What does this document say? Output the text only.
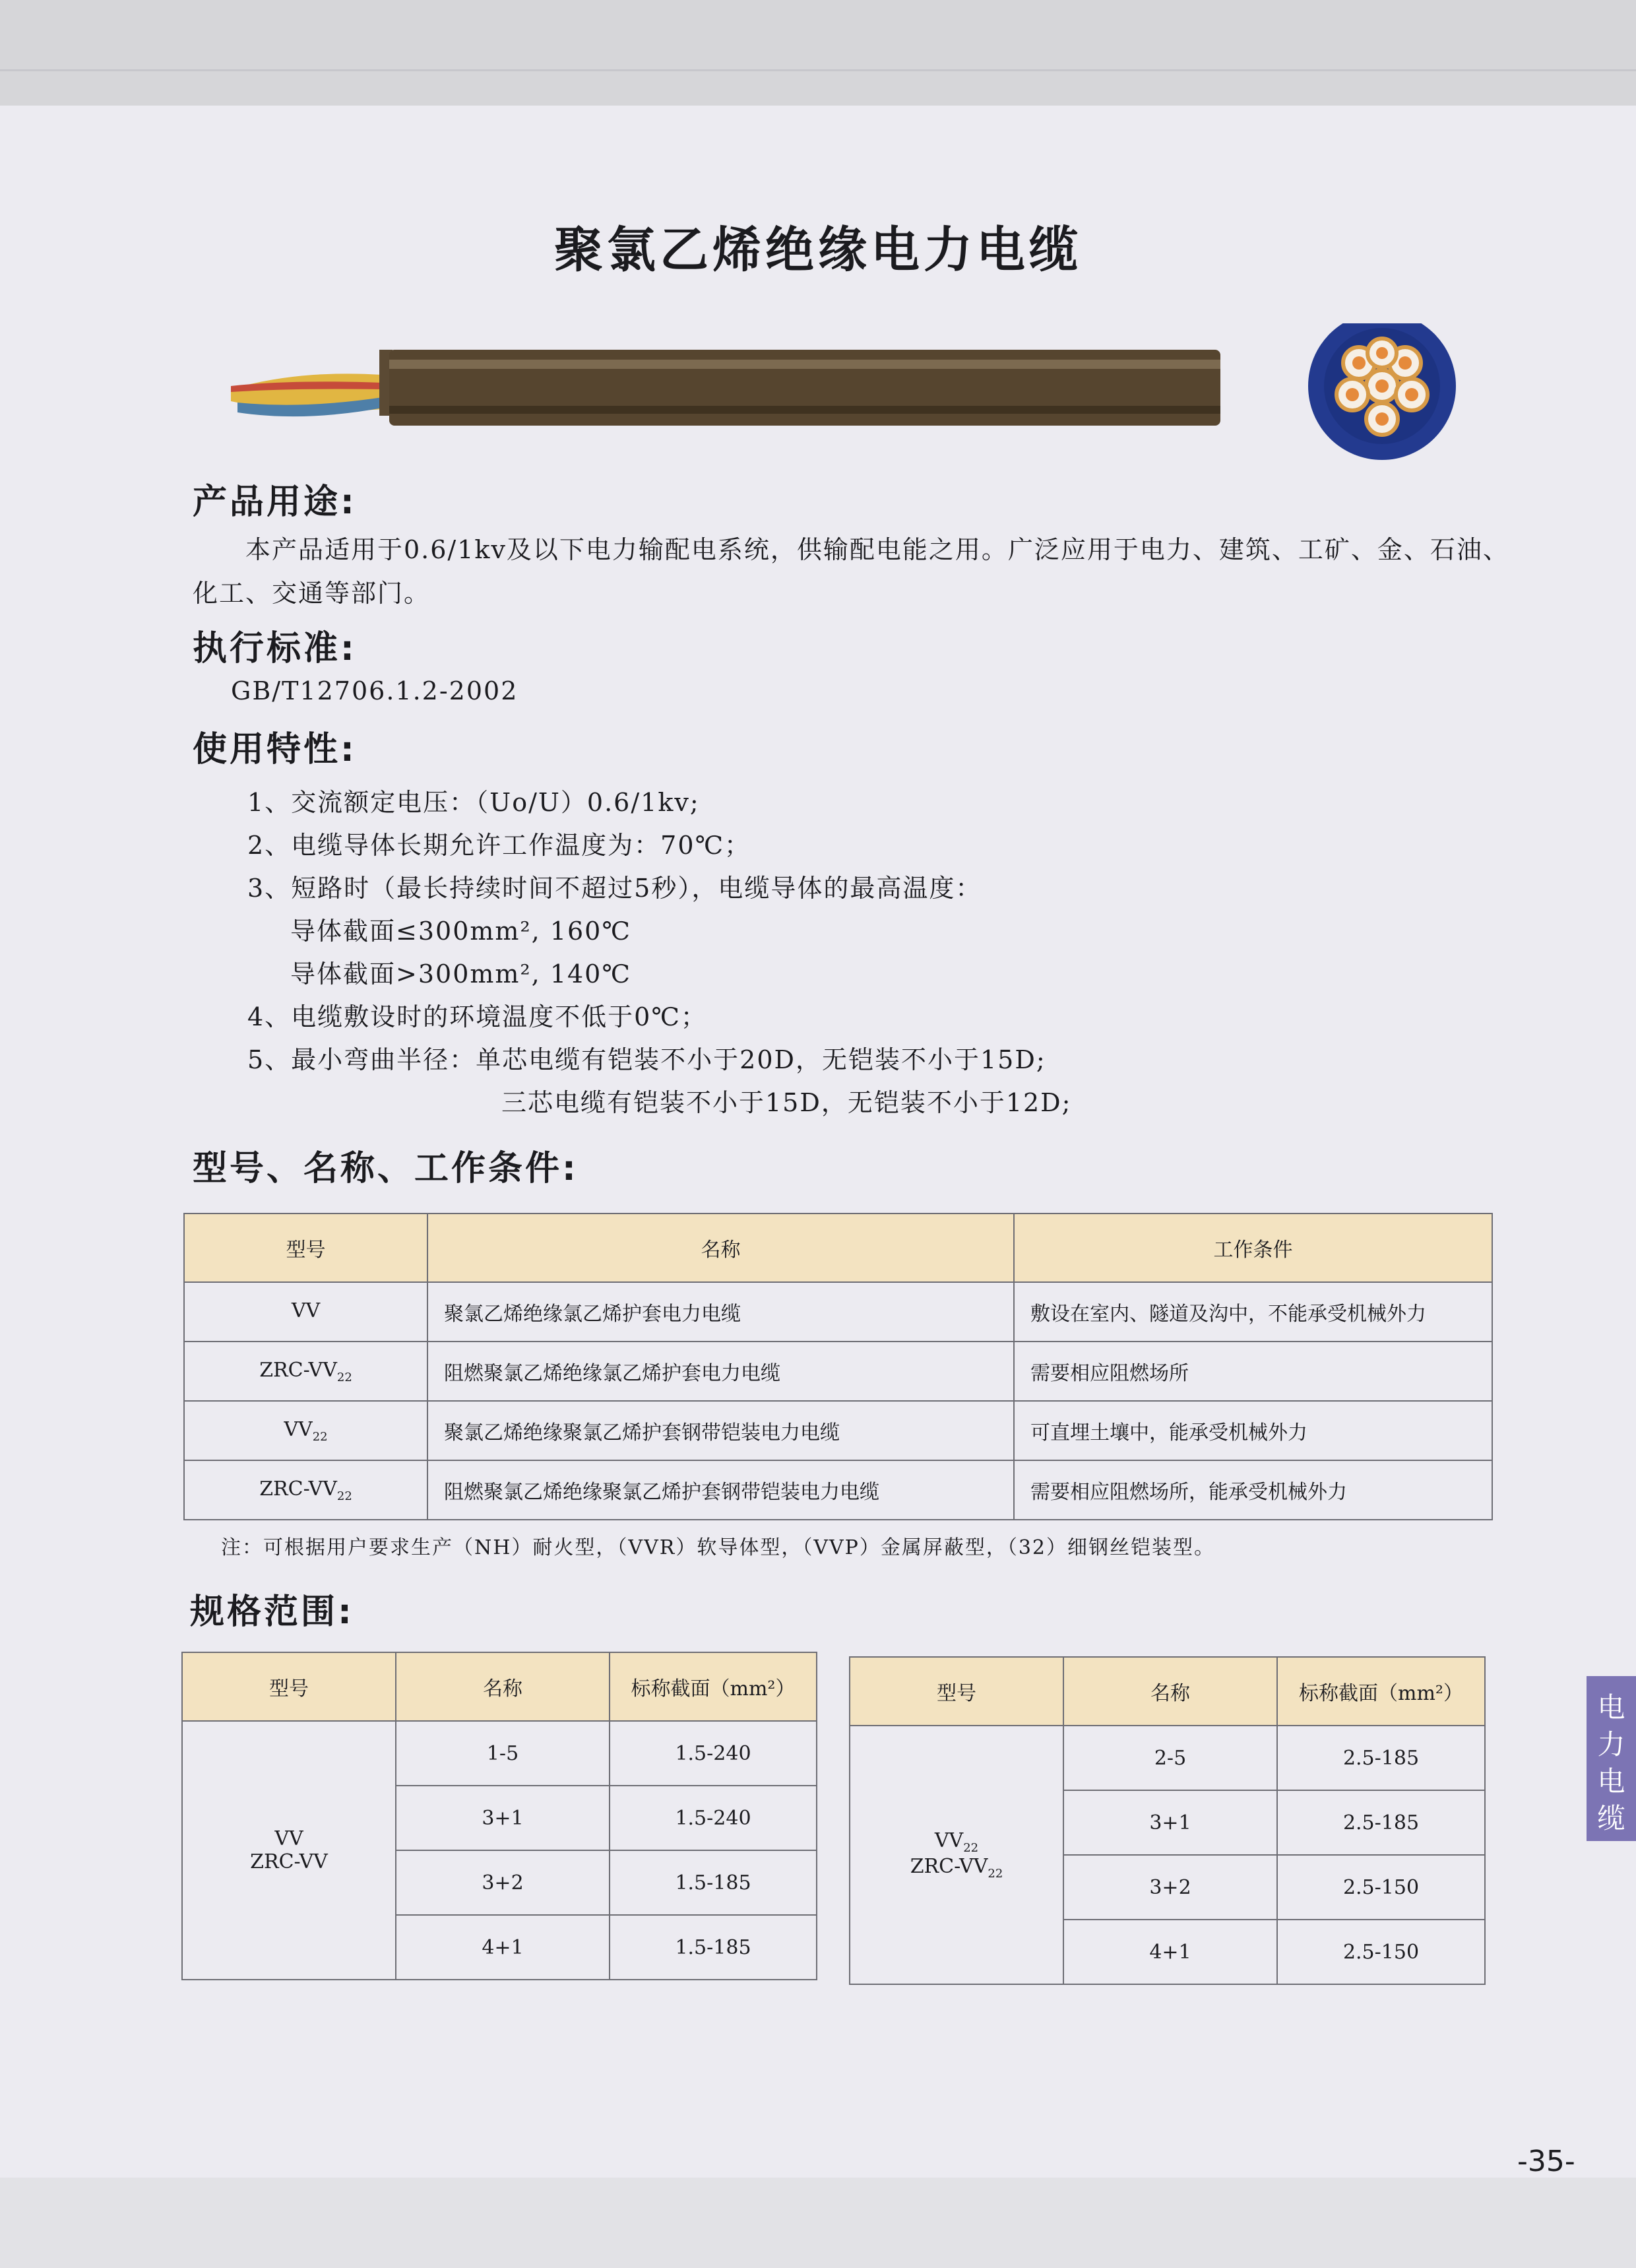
聚氯乙烯绝缘电力电缆
产品用途:
本产品适用于0.6/1kv及以下电力输配电系统，供输配电能之用。广泛应用于电力、建筑、工矿、金、石油、化工、交通等部门。
执行标准:
GB/T12706.1.2-2002
使用特性:
1、交流额定电压：（Uo/U）0.6/1kv;
2、电缆导体长期允许工作温度为：70℃；
3、短路时（最长持续时间不超过5秒），电缆导体的最高温度：
导体截面≤300mm², 160℃
导体截面>300mm², 140℃
4、电缆敷设时的环境温度不低于0℃；
5、最小弯曲半径：单芯电缆有铠装不小于20D，无铠装不小于15D;
三芯电缆有铠装不小于15D，无铠装不小于12D;
型号、名称、工作条件:
型号	名称	工作条件
VV	聚氯乙烯绝缘氯乙烯护套电力电缆	敷设在室内、隧道及沟中，不能承受机械外力
ZRC-$VV_{22}$	阻燃聚氯乙烯绝缘氯乙烯护套电力电缆	需要相应阻燃场所
$VV_{22}$	聚氯乙烯绝缘聚氯乙烯护套钢带铠装电力电缆	可直埋土壤中，能承受机械外力
ZRC-$VV_{22}$	阻燃聚氯乙烯绝缘聚氯乙烯护套钢带铠装电力电缆	需要相应阻燃场所，能承受机械外力
注：可根据用户要求生产（NH）耐火型，（VVR）软导体型，（VVP）金属屏蔽型，（32）细钢丝铠装型。
规格范围:
型号	名称	标称截面（mm²）

VV
ZRC-VV	1-5	1.5-240
	3+1	1.5-240
	3+2	1.5-185
	4+1	1.5-185
型号	名称	标称截面（mm²）

$VV_{22}$
ZRC-$VV_{22}$	2-5	2.5-185
	3+1	2.5-185
	3+2	2.5-150
	4+1	2.5-150
电
力
电
缆
-35-
